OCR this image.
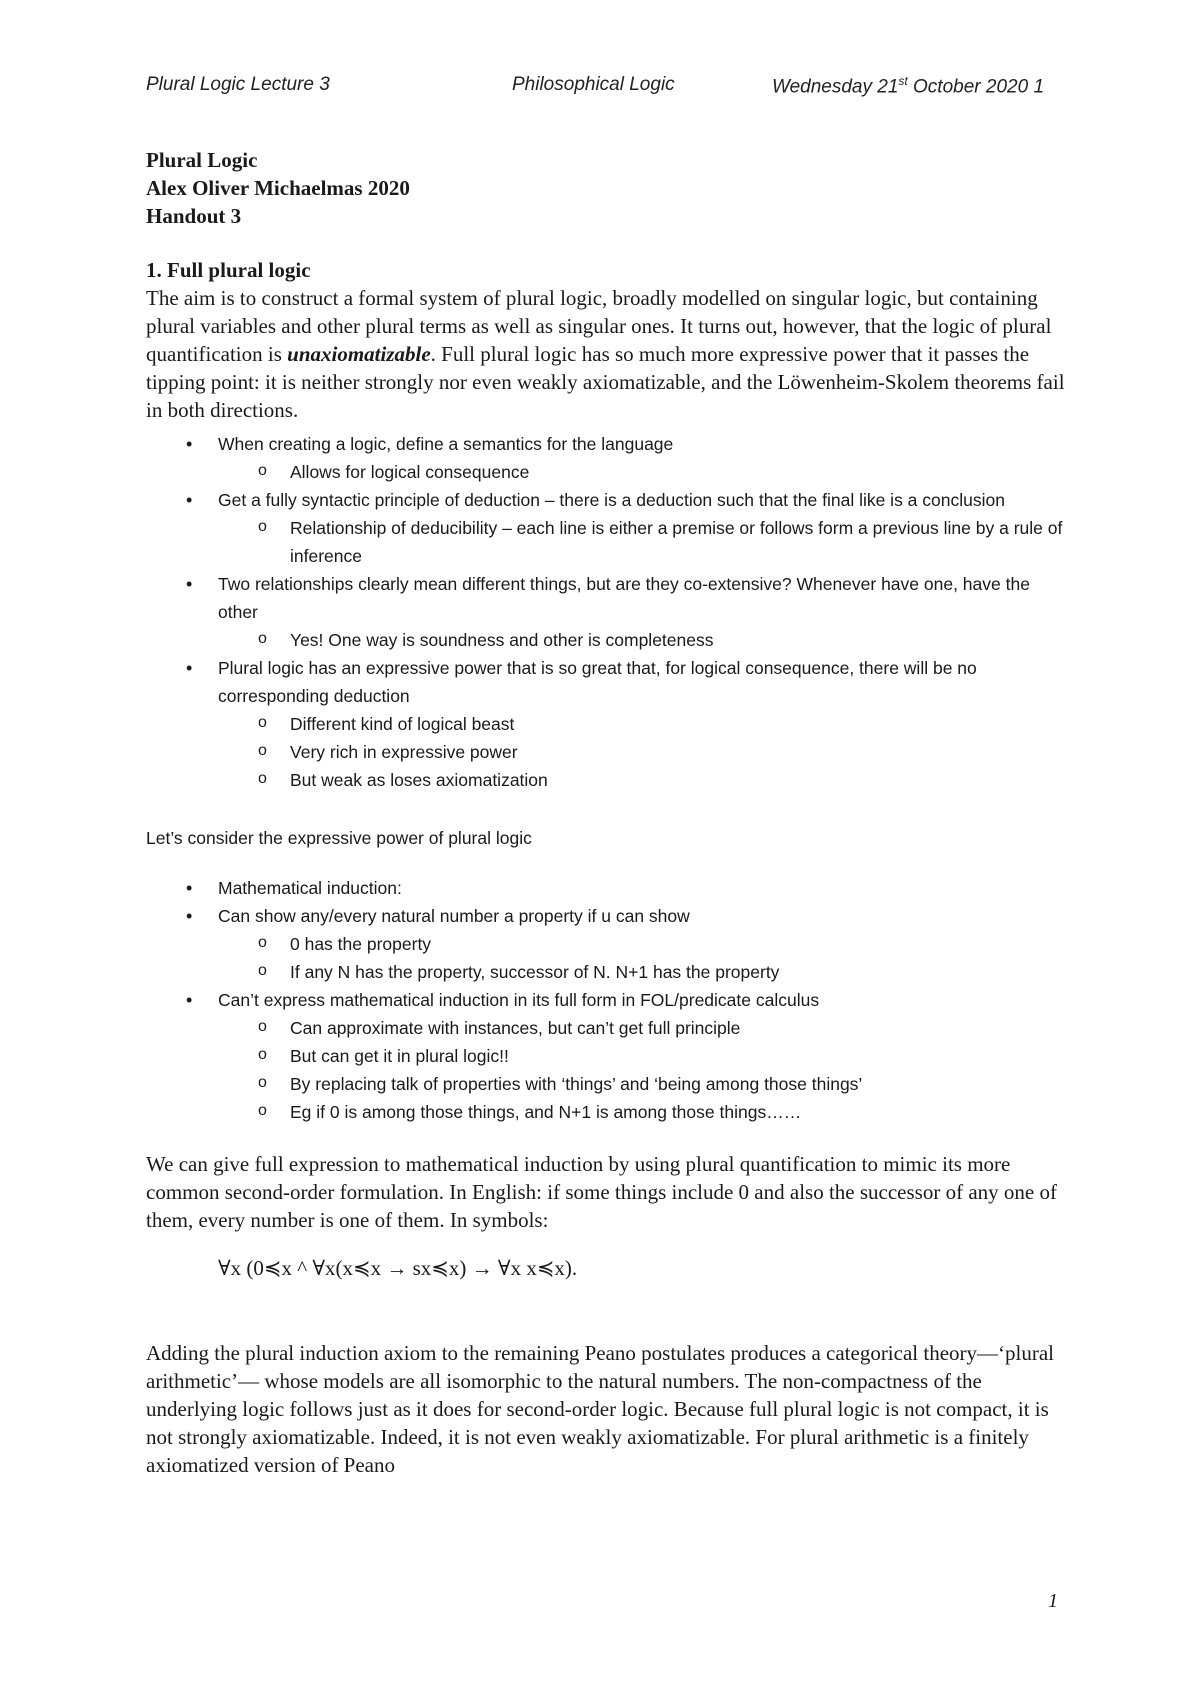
Plural Logic Lecture 3	Philosophical Logic	Wednesday 21st October 2020 1
Plural Logic
Alex Oliver Michaelmas 2020
Handout 3
1. Full plural logic

The aim is to construct a formal system of plural logic, broadly modelled on singular logic, but containing plural variables and other plural terms as well as singular ones. It turns out, however, that the logic of plural quantification is unaxiomatizable. Full plural logic has so much more expressive power that it passes the tipping point: it is neither strongly nor even weakly axiomatizable, and the Löwenheim-Skolem theorems fail in both directions.

• When creating a logic, define a semantics for the language
o Allows for logical consequence
• Get a fully syntactic principle of deduction – there is a deduction such that the final like is a conclusion
o Relationship of deducibility – each line is either a premise or follows form a previous line by a rule of inference
• Two relationships clearly mean different things, but are they co-extensive? Whenever have one, have the other
o Yes! One way is soundness and other is completeness
• Plural logic has an expressive power that is so great that, for logical consequence, there will be no corresponding deduction
o Different kind of logical beast
o Very rich in expressive power
o But weak as loses axiomatization
Let’s consider the expressive power of plural logic
• Mathematical induction:
• Can show any/every natural number a property if u can show
o 0 has the property
o If any N has the property, successor of N. N+1 has the property
• Can’t express mathematical induction in its full form in FOL/predicate calculus
o Can approximate with instances, but can’t get full principle
o But can get it in plural logic!!
o By replacing talk of properties with ‘things’ and ‘being among those things’
o Eg if 0 is among those things, and N+1 is among those things……

We can give full expression to mathematical induction by using plural quantification to mimic its more common second-order formulation. In English: if some things include 0 and also the successor of any one of them, every number is one of them. In symbols:

∀x (0≼x ^ ∀x(x≼x → sx≼x) → ∀x x≼x).

Adding the plural induction axiom to the remaining Peano postulates produces a categorical theory—‘plural arithmetic’— whose models are all isomorphic to the natural numbers. The non-compactness of the underlying logic follows just as it does for second-order logic. Because full plural logic is not compact, it is not strongly axiomatizable. Indeed, it is not even weakly axiomatizable. For plural arithmetic is a finitely axiomatized version of Peano

1
